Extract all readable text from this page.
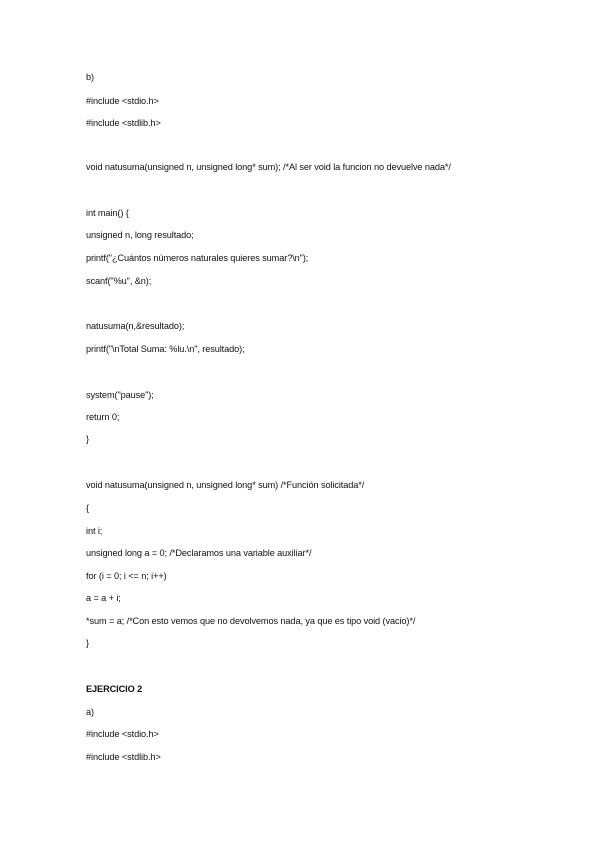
b)
#include <stdio.h>
#include <stdlib.h>
void natusuma(unsigned n, unsigned long* sum); /*Al ser void la funcion no devuelve nada*/
int main() {
unsigned n, long resultado;
printf("¿Cuántos números naturales quieres sumar?\n");
scanf("%u", &n);
natusuma(n,&resultado);
printf("\nTotal Suma: %lu.\n", resultado);
system("pause");
return 0;
}
void natusuma(unsigned n, unsigned long* sum) /*Función solicitada*/
{
int i;
unsigned long a = 0; /*Declaramos una variable auxiliar*/
for (i = 0; i <= n; i++)
a = a + i;
*sum = a; /*Con esto vemos que no devolvemos nada, ya que es tipo void (vacio)*/
}
EJERCICIO 2
a)
#include <stdio.h>
#include <stdlib.h>
